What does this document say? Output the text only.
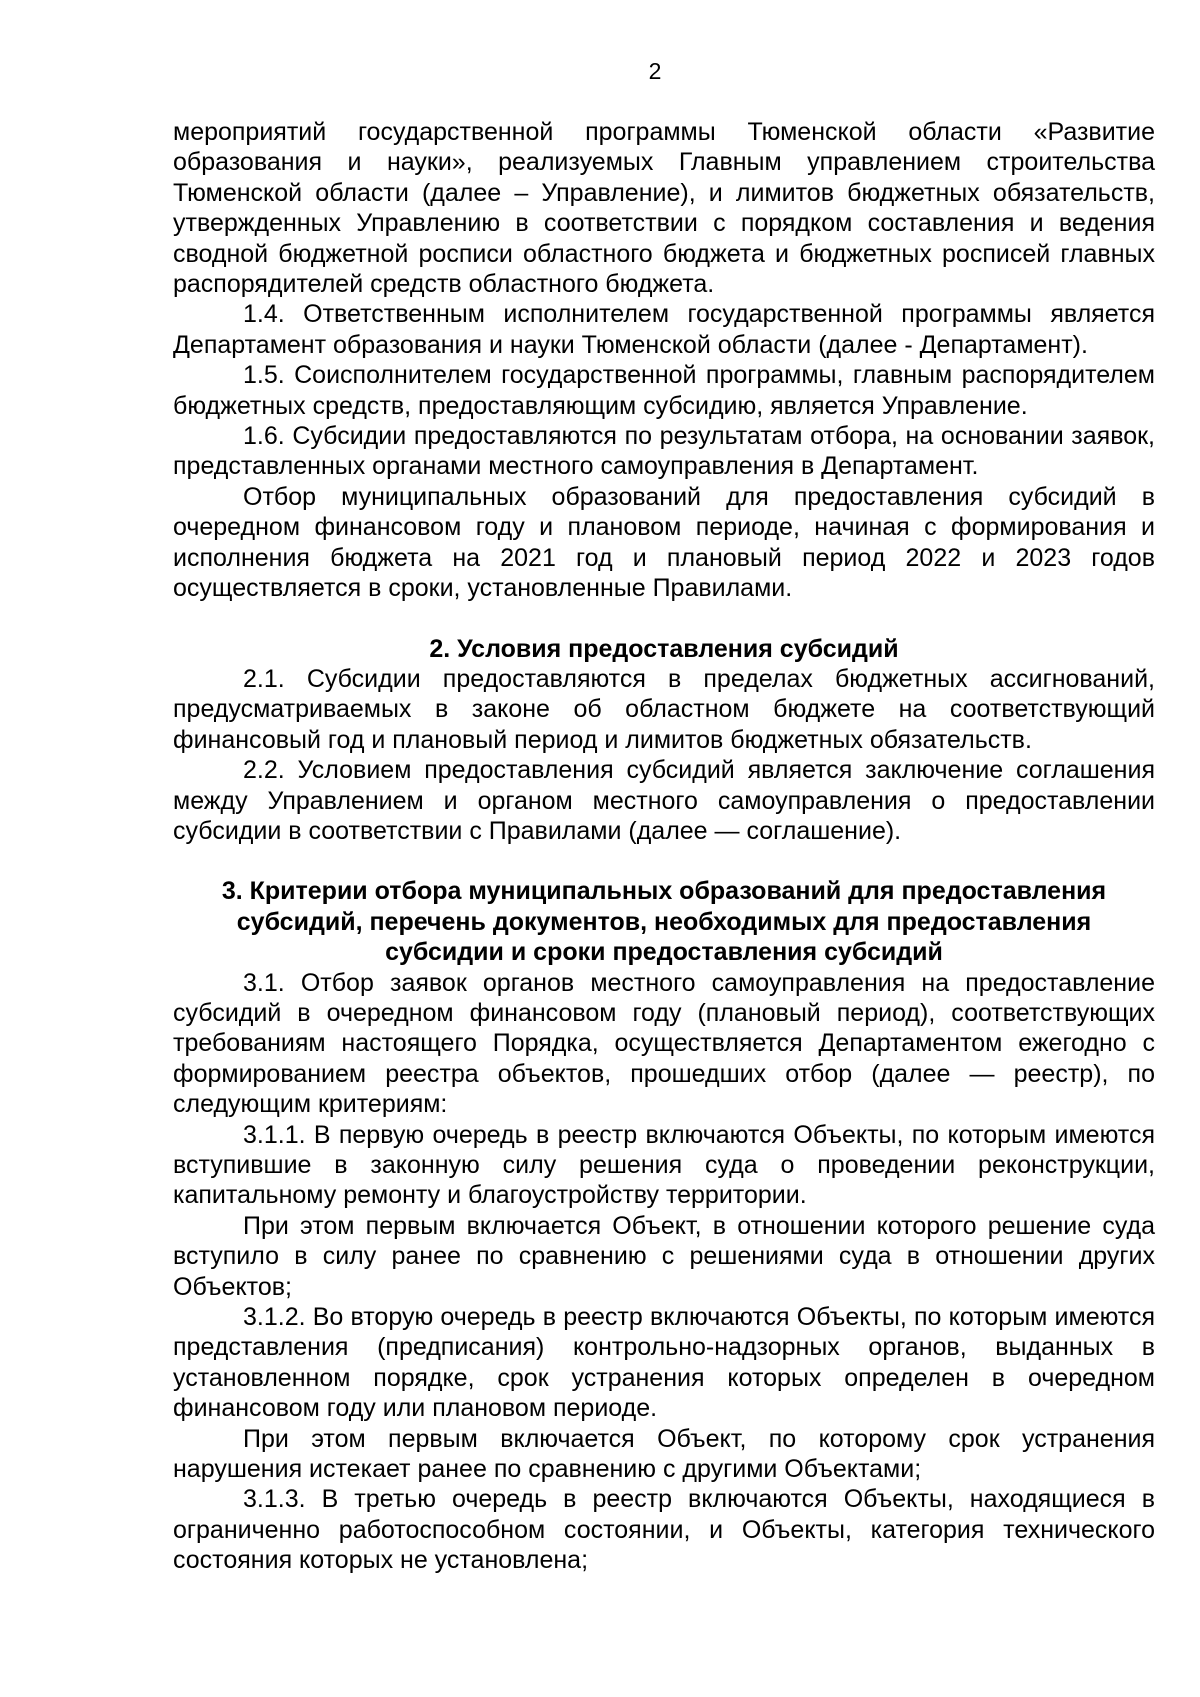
2

мероприятий государственной программы Тюменской области «Развитие образования и науки», реализуемых Главным управлением строительства Тюменской области (далее – Управление), и лимитов бюджетных обязательств, утвержденных Управлению в соответствии с порядком составления и ведения сводной бюджетной росписи областного бюджета и бюджетных росписей главных распорядителей средств областного бюджета.

1.4. Ответственным исполнителем государственной программы является Департамент образования и науки Тюменской области (далее - Департамент).

1.5. Соисполнителем государственной программы, главным распорядителем бюджетных средств, предоставляющим субсидию, является Управление.

1.6. Субсидии предоставляются по результатам отбора, на основании заявок, представленных органами местного самоуправления в Департамент.

Отбор муниципальных образований для предоставления субсидий в очередном финансовом году и плановом периоде, начиная с формирования и исполнения бюджета на 2021 год и плановый период 2022 и 2023 годов осуществляется в сроки, установленные Правилами.

2. Условия предоставления субсидий

2.1. Субсидии предоставляются в пределах бюджетных ассигнований, предусматриваемых в законе об областном бюджете на соответствующий финансовый год и плановый период и лимитов бюджетных обязательств.

2.2. Условием предоставления субсидий является заключение соглашения между Управлением и органом местного самоуправления о предоставлении субсидии в соответствии с Правилами (далее — соглашение).

3. Критерии отбора муниципальных образований для предоставления субсидий, перечень документов, необходимых для предоставления субсидии и сроки предоставления субсидий

3.1. Отбор заявок органов местного самоуправления на предоставление субсидий в очередном финансовом году (плановый период), соответствующих требованиям настоящего Порядка, осуществляется Департаментом ежегодно с формированием реестра объектов, прошедших отбор (далее — реестр), по следующим критериям:

3.1.1. В первую очередь в реестр включаются Объекты, по которым имеются вступившие в законную силу решения суда о проведении реконструкции, капитальному ремонту и благоустройству территории.

При этом первым включается Объект, в отношении которого решение суда вступило в силу ранее по сравнению с решениями суда в отношении других Объектов;

3.1.2. Во вторую очередь в реестр включаются Объекты, по которым имеются представления (предписания) контрольно-надзорных органов, выданных в установленном порядке, срок устранения которых определен в очередном финансовом году или плановом периоде.

При этом первым включается Объект, по которому срок устранения нарушения истекает ранее по сравнению с другими Объектами;

3.1.3. В третью очередь в реестр включаются Объекты, находящиеся в ограниченно работоспособном состоянии, и Объекты, категория технического состояния которых не установлена;
